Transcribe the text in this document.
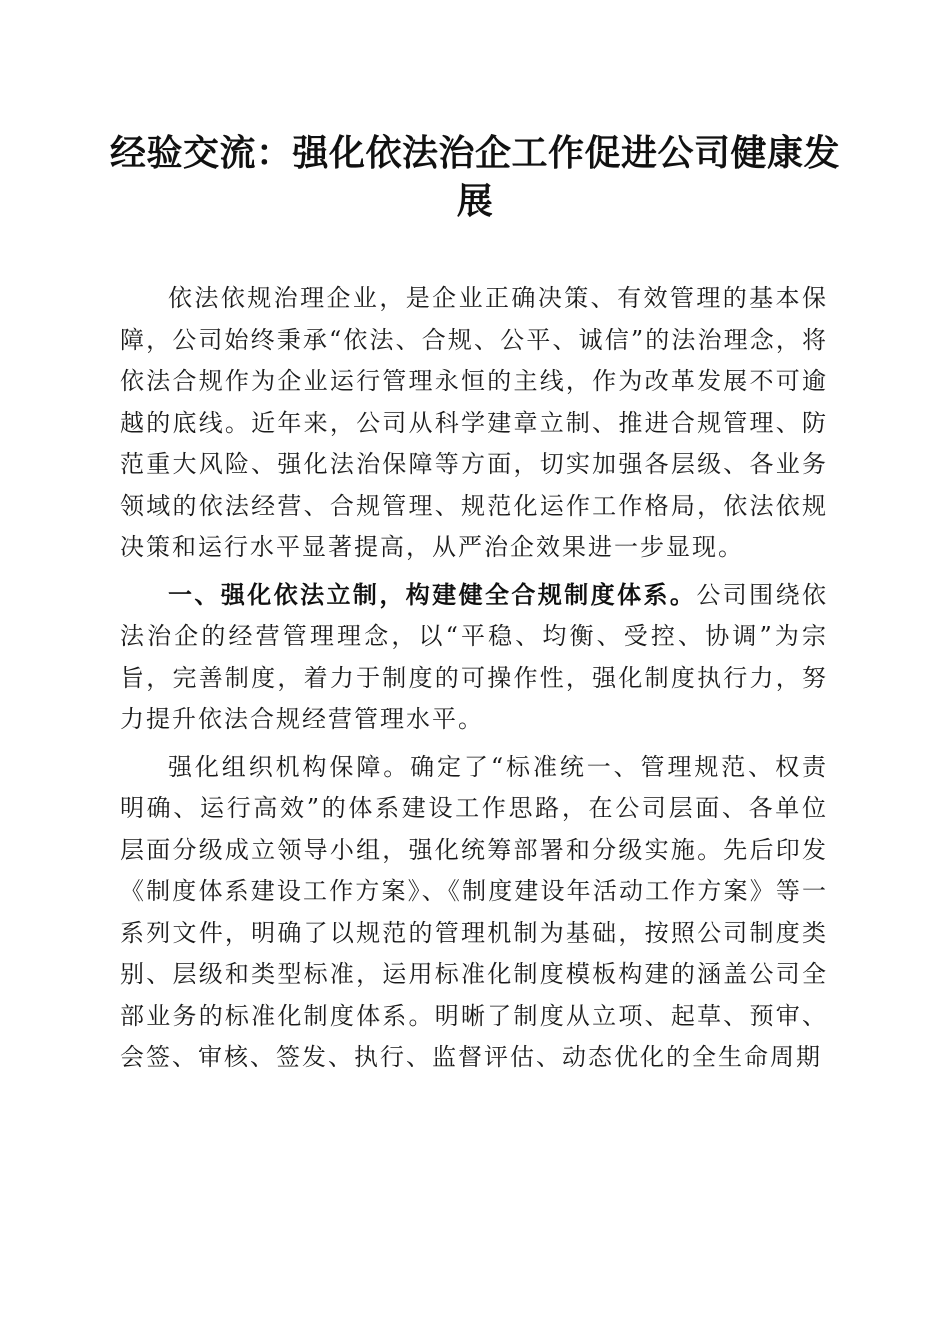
经验交流：强化依法治企工作促进公司健康发展

依法依规治理企业，是企业正确决策、有效管理的基本保障，公司始终秉承“依法、合规、公平、诚信”的法治理念，将依法合规作为企业运行管理永恒的主线，作为改革发展不可逾越的底线。近年来，公司从科学建章立制、推进合规管理、防范重大风险、强化法治保障等方面，切实加强各层级、各业务领域的依法经营、合规管理、规范化运作工作格局，依法依规决策和运行水平显著提高，从严治企效果进一步显现。

一、强化依法立制，构建健全合规制度体系。公司围绕依法治企的经营管理理念，以“平稳、均衡、受控、协调”为宗旨，完善制度，着力于制度的可操作性，强化制度执行力，努力提升依法合规经营管理水平。

强化组织机构保障。确定了“标准统一、管理规范、权责明确、运行高效”的体系建设工作思路，在公司层面、各单位层面分级成立领导小组，强化统筹部署和分级实施。先后印发《制度体系建设工作方案》、《制度建设年活动工作方案》等一系列文件，明确了以规范的管理机制为基础，按照公司制度类别、层级和类型标准，运用标准化制度模板构建的涵盖公司全部业务的标准化制度体系。明晰了制度从立项、起草、预审、会签、审核、签发、执行、监督评估、动态优化的全生命周期
